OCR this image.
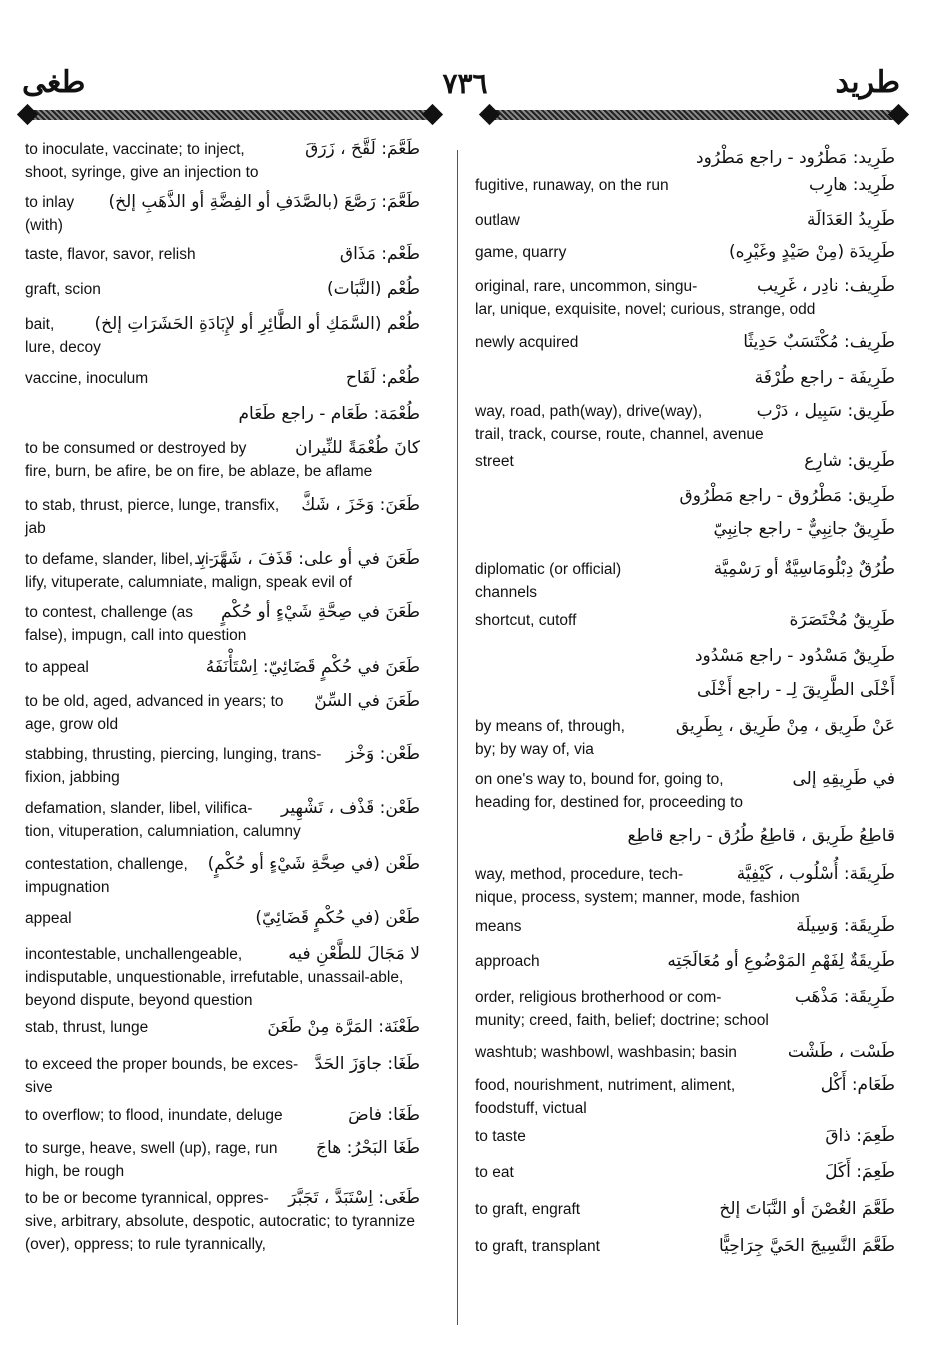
طغى	٧٣٦	طريد
طَعَّمَ: لَقَّحَ ، زَرَقَ
to inoculate, vaccinate; to inject,
shoot, syringe, give an injection to
طَعَّمَ: رَصَّعَ (بالصَّدَفِ أو الفِضَّةِ أو الذَّهَبِ إلخ)
to inlay
(with)
طَعْم: مَذَاق
taste, flavor, savor, relish
طُعْم (النَّبَات)
graft, scion
طُعْم (السَّمَكِ أو الطَّائِرِ أو لإِبَادَةِ الحَشَرَاتِ إلخ)
bait,
lure, decoy
طُعْم: لَقَاح
vaccine, inoculum
طُعْمَة: طَعَام - راجع طَعَام
كانَ طُعْمَةً للنِّيران
to be consumed or destroyed by
fire, burn, be afire, be on fire, be ablaze, be aflame
طَعَنَ: وَخَزَ ، شَكَّ
to stab, thrust, pierce, lunge, transfix,
jab
طَعَنَ في أو على: قَذَفَ ، شَهَّرَ بِـ
to defame, slander, libel, vi-
lify, vituperate, calumniate, malign, speak evil of
طَعَنَ في صِحَّةِ شَيْءٍ أو حُكْمٍ
to contest, challenge (as
false), impugn, call into question
طَعَنَ في حُكْمٍ قَضَائِيّ: اِسْتَأْنَفَهُ
to appeal
طَعَنَ في السِّنّ
to be old, aged, advanced in years; to
age, grow old
طَعْن: وَخْز
stabbing, thrusting, piercing, lunging, trans-
fixion, jabbing
طَعْن: قَذْف ، تَشْهِير
defamation, slander, libel, vilifica-
tion, vituperation, calumniation, calumny
طَعْن (في صِحَّةِ شَيْءٍ أو حُكْمٍ)
contestation, challenge,
impugnation
طَعْن (في حُكْمٍ قَضَائِيّ)
appeal
لا مَجَالَ للطَّعْنِ فيه
incontestable, unchallengeable,
indisputable, unquestionable, irrefutable, unassail-able, beyond dispute, beyond question
طَعْنَة: المَرَّة مِنْ طَعَنَ
stab, thrust, lunge
طَغَا: جاوَزَ الحَدَّ
to exceed the proper bounds, be exces-
sive
طَغَا: فاضَ
to overflow; to flood, inundate, deluge
طَغَا البَحْرُ: هاجَ
to surge, heave, swell (up), rage, run
high, be rough
طَغَى: اِسْتَبَدَّ ، تَجَبَّرَ
to be or become tyrannical, oppres-
sive, arbitrary, absolute, despotic, autocratic; to tyrannize (over), oppress; to rule tyrannically,
طَرِيد: مَطْرُود - راجع مَطْرُود
طَرِيد: هارِب
fugitive, runaway, on the run
طَرِيدُ العَدَالَة
outlaw
طَرِيدَة (مِنْ صَيْدٍ وغَيْرِه)
game, quarry
طَرِيف: نادِر ، غَرِيب
original, rare, uncommon, singu-
lar, unique, exquisite, novel; curious, strange, odd
طَرِيف: مُكْتَسَبٌ حَدِيثًا
newly acquired
طَرِيفَة - راجع طُرْفَة
طَرِيق: سَبِيل ، دَرْب
way, road, path(way), drive(way),
trail, track, course, route, channel, avenue
طَرِيق: شارِع
street
طَرِيق: مَطْرُوق - راجع مَطْرُوق
طَرِيقٌ جانِبِيٌّ - راجع جانِبِيّ
طُرُقٌ دِبْلُومَاسِيَّةٌ أو رَسْمِيَّة
diplomatic (or official)
channels
طَرِيقٌ مُخْتَصَرَة
shortcut, cutoff
طَرِيقٌ مَسْدُود - راجع مَسْدُود
أَخْلَى الطَّرِيقَ لِـ - راجع أَخْلَى
عَنْ طَرِيق ، مِنْ طَرِيق ، بِطَرِيق
by means of, through,
by; by way of, via
في طَرِيقِهِ إلى
on one's way to, bound for, going to,
heading for, destined for, proceeding to
قاطِعُ طَرِيق ، قاطِعُ طُرُق - راجع قاطِع
طَرِيقَة: أُسْلُوب ، كَيْفِيَّة
way, method, procedure, tech-
nique, process, system; manner, mode, fashion
طَرِيقَة: وَسِيلَة
means
طَرِيقَةٌ لِفَهْمِ المَوْضُوعِ أو مُعَالَجَتِه
approach
طَرِيقَة: مَذْهَب
order, religious brotherhood or com-
munity; creed, faith, belief; doctrine; school
طَسْت ، طَشْت
washtub; washbowl, washbasin; basin
طَعَام: أَكْل
food, nourishment, nutriment, aliment,
foodstuff, victual
طَعِمَ: ذاقَ
to taste
طَعِمَ: أَكَلَ
to eat
طَعَّمَ الغُصْنَ أو النَّبَاتَ إلخ
to graft, engraft
طَعَّمَ النَّسِيجَ الحَيَّ جِرَاحِيًّا
to graft, transplant
